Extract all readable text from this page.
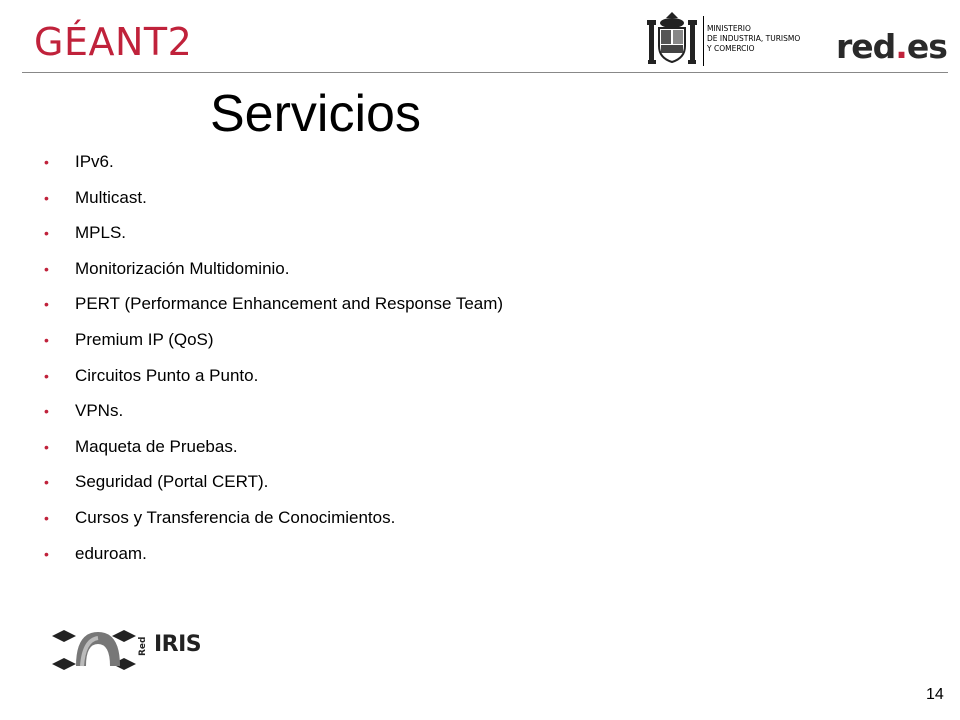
GÉANT2	MINISTERIO
DE INDUSTRIA, TURISMO
Y COMERCIO	red.es
Servicios
• IPv6.
• Multicast.
• MPLS.
• Monitorización Multidominio.
• PERT (Performance Enhancement and Response Team)
• Premium IP (QoS)
• Circuitos Punto a Punto.
• VPNs.
• Maqueta de Pruebas.
• Seguridad (Portal CERT).
• Cursos y Transferencia de Conocimientos.
• eduroam.
Red IRIS
14
